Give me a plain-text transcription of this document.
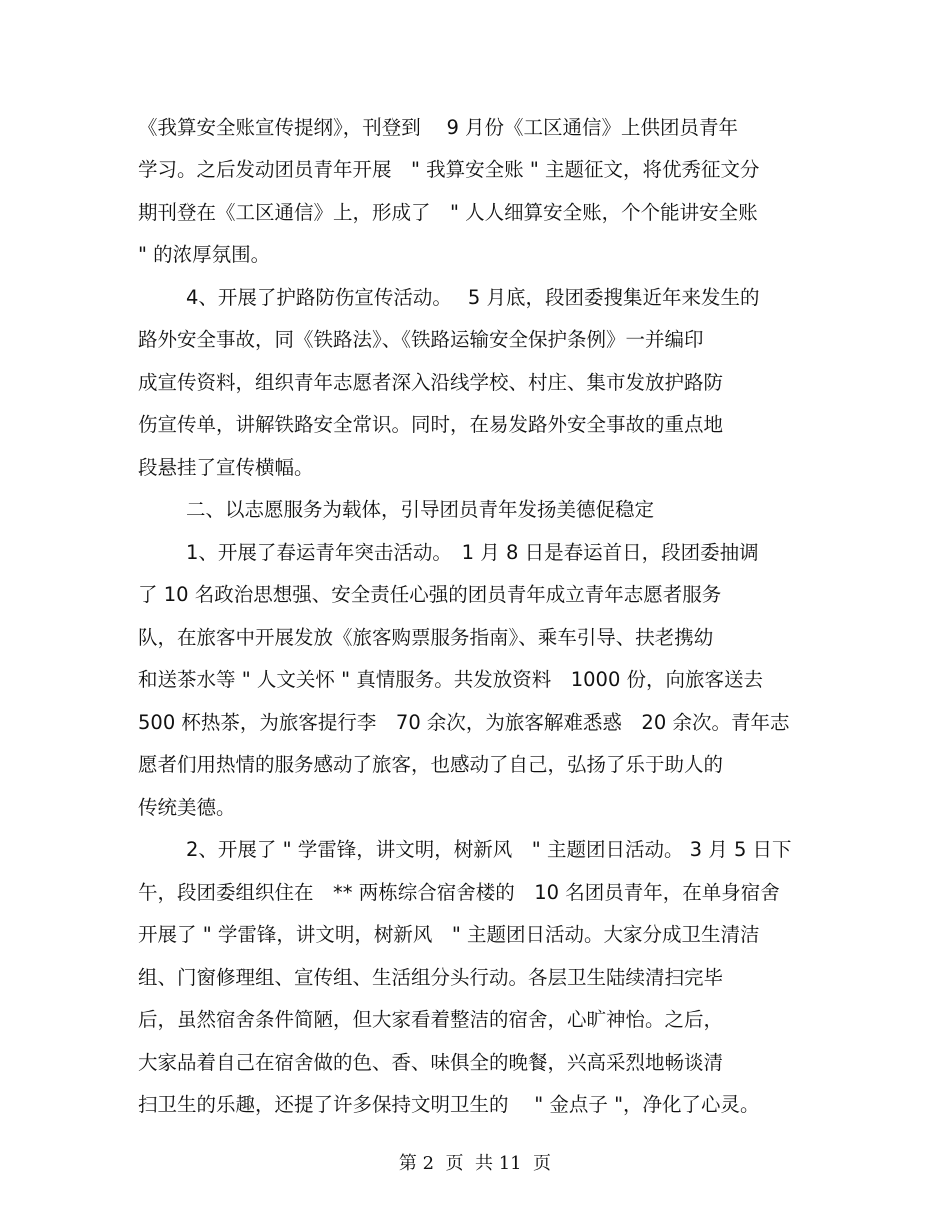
《我算安全账宣传提纲》，刊登到　 9 月份《工区通信》上供团员青年
学习。之后发动团员青年开展　" 我算安全账 " 主题征文，将优秀征文分
期刊登在《工区通信》上，形成了　" 人人细算安全账，个个能讲安全账
" 的浓厚氛围。
4、开展了护路防伤宣传活动。　 5 月底，段团委搜集近年来发生的
路外安全事故，同《铁路法》、《铁路运输安全保护条例》一并编印
成宣传资料，组织青年志愿者深入沿线学校、村庄、集市发放护路防
伤宣传单，讲解铁路安全常识。同时，在易发路外安全事故的重点地
段悬挂了宣传横幅。
二、以志愿服务为载体，引导团员青年发扬美德促稳定
1、开展了春运青年突击活动。　1 月 8 日是春运首日，段团委抽调
了 10 名政治思想强、安全责任心强的团员青年成立青年志愿者服务
队，在旅客中开展发放《旅客购票服务指南》、乘车引导、扶老携幼
和送茶水等 " 人文关怀 " 真情服务。共发放资料　1000 份，向旅客送去
500 杯热茶，为旅客提行李　70 余次，为旅客解难悉惑　20 余次。青年志
愿者们用热情的服务感动了旅客，也感动了自己，弘扬了乐于助人的
传统美德。
2、开展了 " 学雷锋，讲文明，树新风　" 主题团日活动。 3 月 5 日下
午，段团委组织住在　** 两栋综合宿舍楼的　10 名团员青年，在单身宿舍
开展了 " 学雷锋，讲文明，树新风　" 主题团日活动。大家分成卫生清洁
组、门窗修理组、宣传组、生活组分头行动。各层卫生陆续清扫完毕
后，虽然宿舍条件简陋，但大家看着整洁的宿舍，心旷神怡。之后，
大家品着自己在宿舍做的色、香、味俱全的晚餐，兴高采烈地畅谈清
扫卫生的乐趣，还提了许多保持文明卫生的　 " 金点子 "，净化了心灵。
第 2  页  共 11  页
